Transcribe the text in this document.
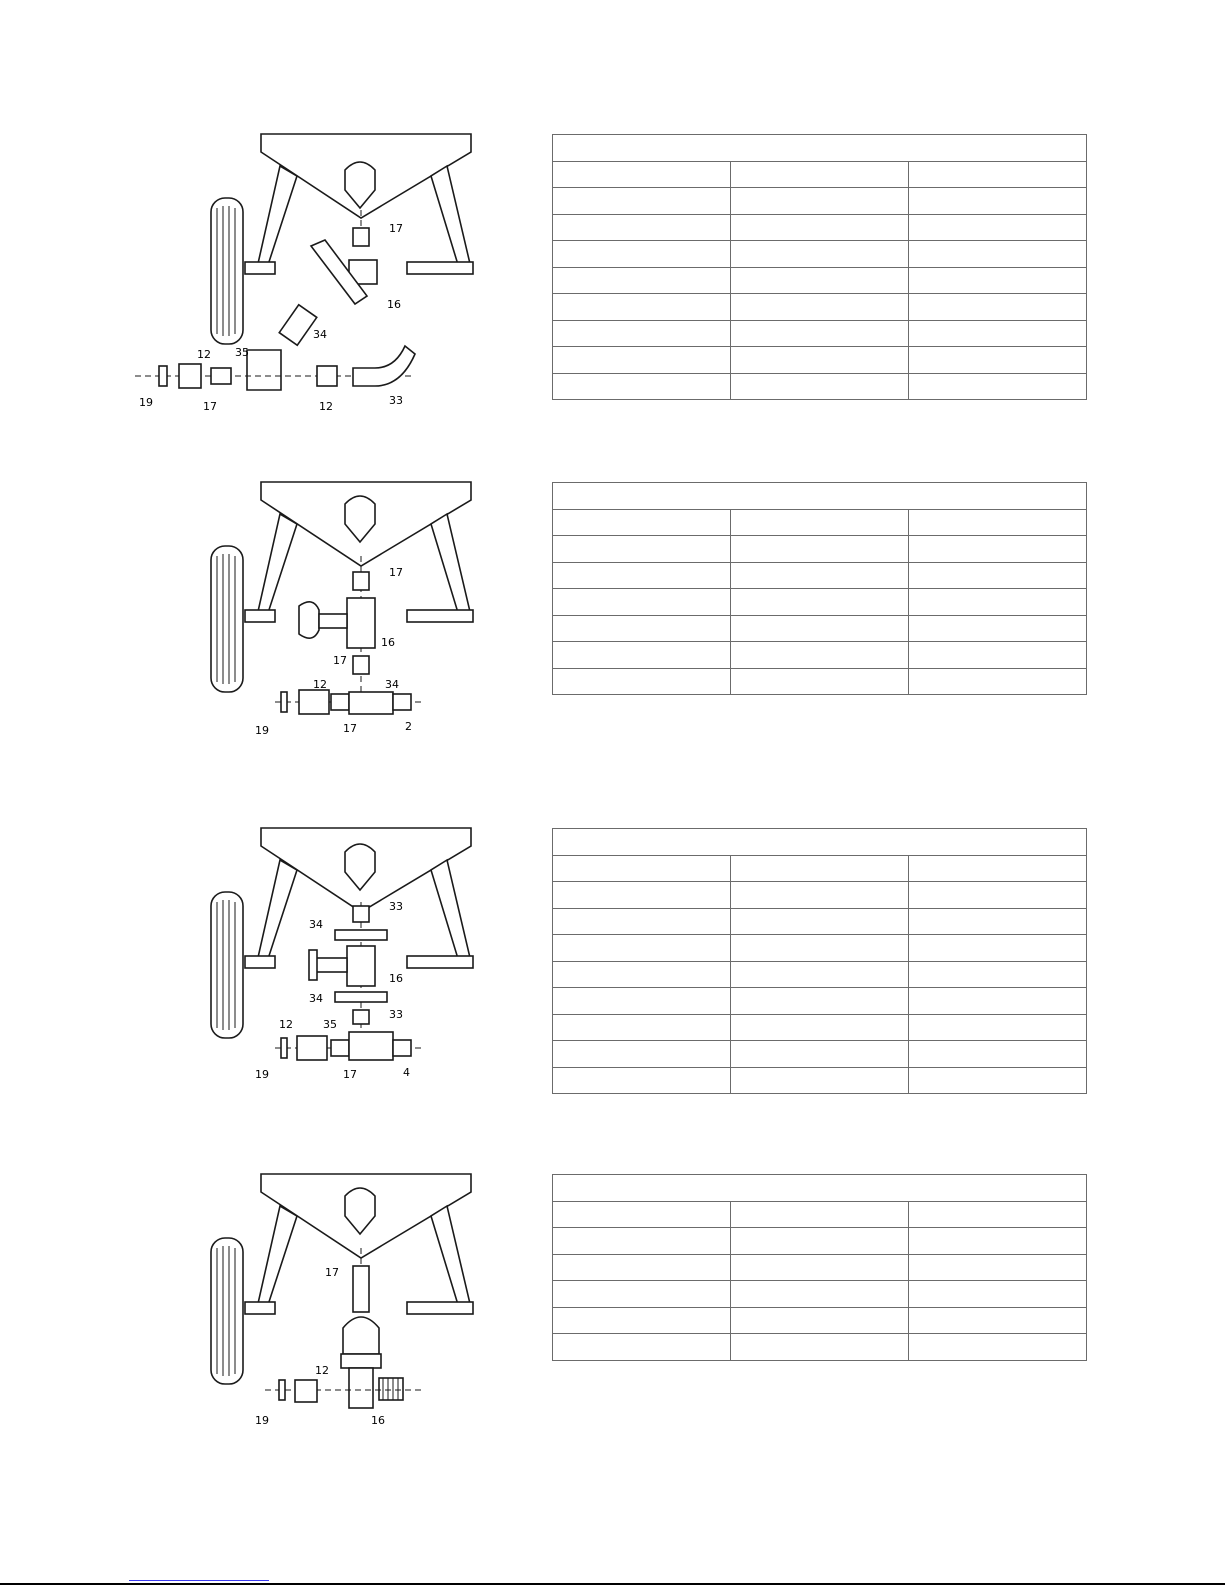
17
16
34
35
12
17	12	33
19

17
16
17
12	34
19	17	2

33
34
16
34
33
12	35
19	17	4

17
12
19	16
